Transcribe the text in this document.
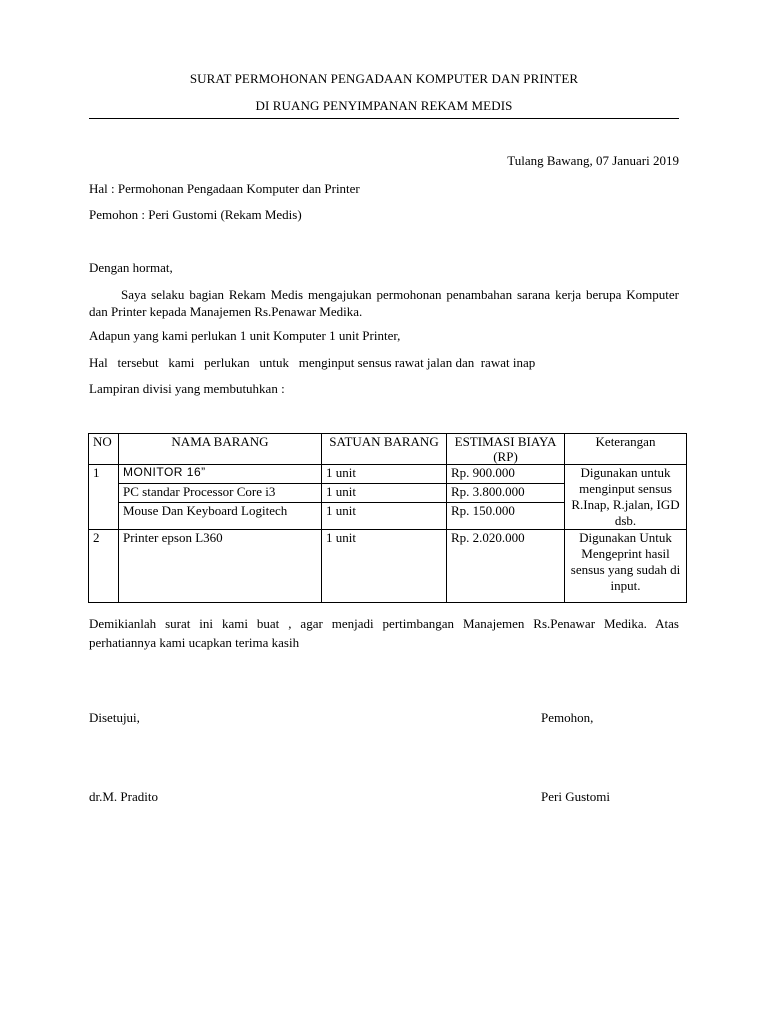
SURAT PERMOHONAN PENGADAAN KOMPUTER DAN PRINTER
DI RUANG PENYIMPANAN REKAM MEDIS
Tulang Bawang, 07 Januari 2019
Hal : Permohonan Pengadaan Komputer dan Printer
Pemohon : Peri Gustomi (Rekam Medis)
Dengan hormat,
Saya selaku bagian Rekam Medis mengajukan permohonan penambahan sarana kerja berupa Komputer dan Printer kepada Manajemen Rs.Penawar Medika.
Adapun yang kami perlukan 1 unit Komputer 1 unit Printer,
Hal   tersebut   kami   perlukan   untuk   menginput sensus rawat jalan dan  rawat inap
Lampiran divisi yang membutuhkan :
NO	NAMA BARANG	SATUAN BARANG	ESTIMASI BIAYA (RP)	Keterangan
1	MONITOR 16”	1 unit	Rp. 900.000	Digunakan untuk menginput sensus R.Inap, R.jalan, IGD dsb.
	PC standar Processor Core i3	1 unit	Rp. 3.800.000	
	Mouse Dan Keyboard Logitech	1 unit	Rp. 150.000	
2	Printer epson L360	1 unit	Rp. 2.020.000	Digunakan Untuk Mengeprint hasil sensus yang sudah di input.
Demikianlah surat ini kami buat , agar menjadi pertimbangan Manajemen Rs.Penawar Medika. Atas perhatiannya kami ucapkan terima kasih
Disetujui,	Pemohon,
dr.M. Pradito	Peri Gustomi
